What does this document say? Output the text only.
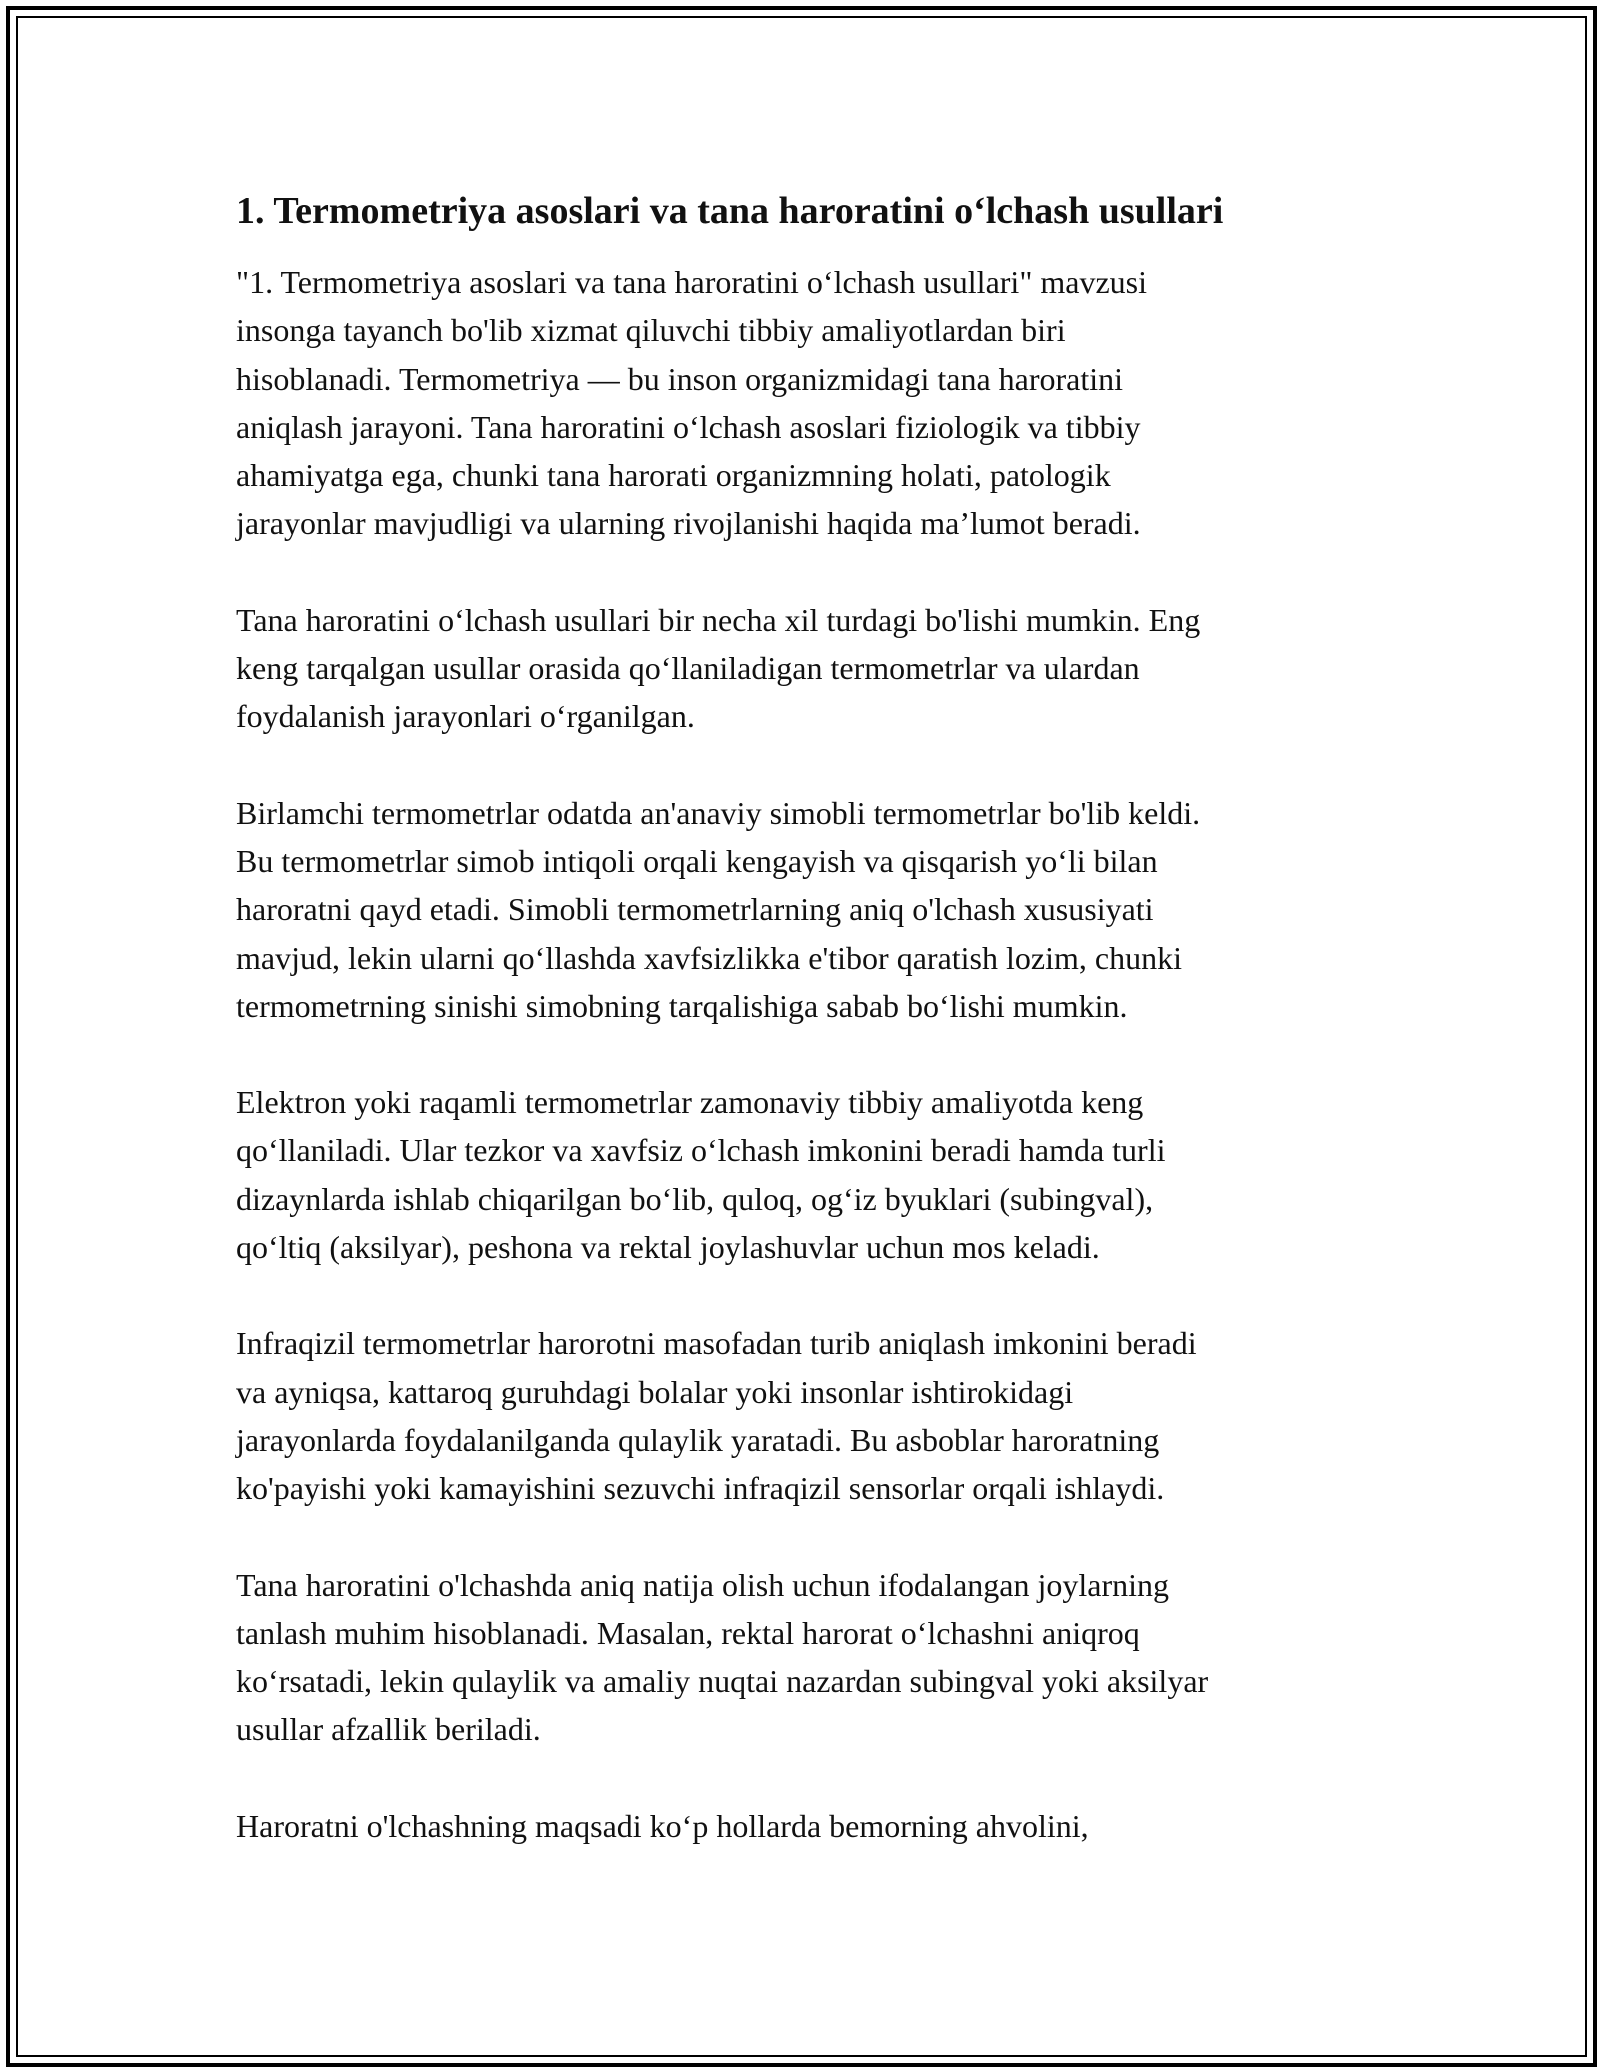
1. Termometriya asoslari va tana haroratini o‘lchash usullari

"1. Termometriya asoslari va tana haroratini o‘lchash usullari" mavzusi
insonga tayanch bo'lib xizmat qiluvchi tibbiy amaliyotlardan biri
hisoblanadi. Termometriya — bu inson organizmidagi tana haroratini
aniqlash jarayoni. Tana haroratini o‘lchash asoslari fiziologik va tibbiy
ahamiyatga ega, chunki tana harorati organizmning holati, patologik
jarayonlar mavjudligi va ularning rivojlanishi haqida ma’lumot beradi.

Tana haroratini o‘lchash usullari bir necha xil turdagi bo'lishi mumkin. Eng
keng tarqalgan usullar orasida qo‘llaniladigan termometrlar va ulardan
foydalanish jarayonlari o‘rganilgan.

Birlamchi termometrlar odatda an'anaviy simobli termometrlar bo'lib keldi.
Bu termometrlar simob intiqoli orqali kengayish va qisqarish yo‘li bilan
haroratni qayd etadi. Simobli termometrlarning aniq o'lchash xususiyati
mavjud, lekin ularni qo‘llashda xavfsizlikka e'tibor qaratish lozim, chunki
termometrning sinishi simobning tarqalishiga sabab bo‘lishi mumkin.

Elektron yoki raqamli termometrlar zamonaviy tibbiy amaliyotda keng
qo‘llaniladi. Ular tezkor va xavfsiz o‘lchash imkonini beradi hamda turli
dizaynlarda ishlab chiqarilgan bo‘lib, quloq, og‘iz byuklari (subingval),
qo‘ltiq (aksilyar), peshona va rektal joylashuvlar uchun mos keladi.

Infraqizil termometrlar harorotni masofadan turib aniqlash imkonini beradi
va ayniqsa, kattaroq guruhdagi bolalar yoki insonlar ishtirokidagi
jarayonlarda foydalanilganda qulaylik yaratadi. Bu asboblar haroratning
ko'payishi yoki kamayishini sezuvchi infraqizil sensorlar orqali ishlaydi.

Tana haroratini o'lchashda aniq natija olish uchun ifodalangan joylarning
tanlash muhim hisoblanadi. Masalan, rektal harorat o‘lchashni aniqroq
ko‘rsatadi, lekin qulaylik va amaliy nuqtai nazardan subingval yoki aksilyar
usullar afzallik beriladi.

Haroratni o'lchashning maqsadi ko‘p hollarda bemorning ahvolini,
